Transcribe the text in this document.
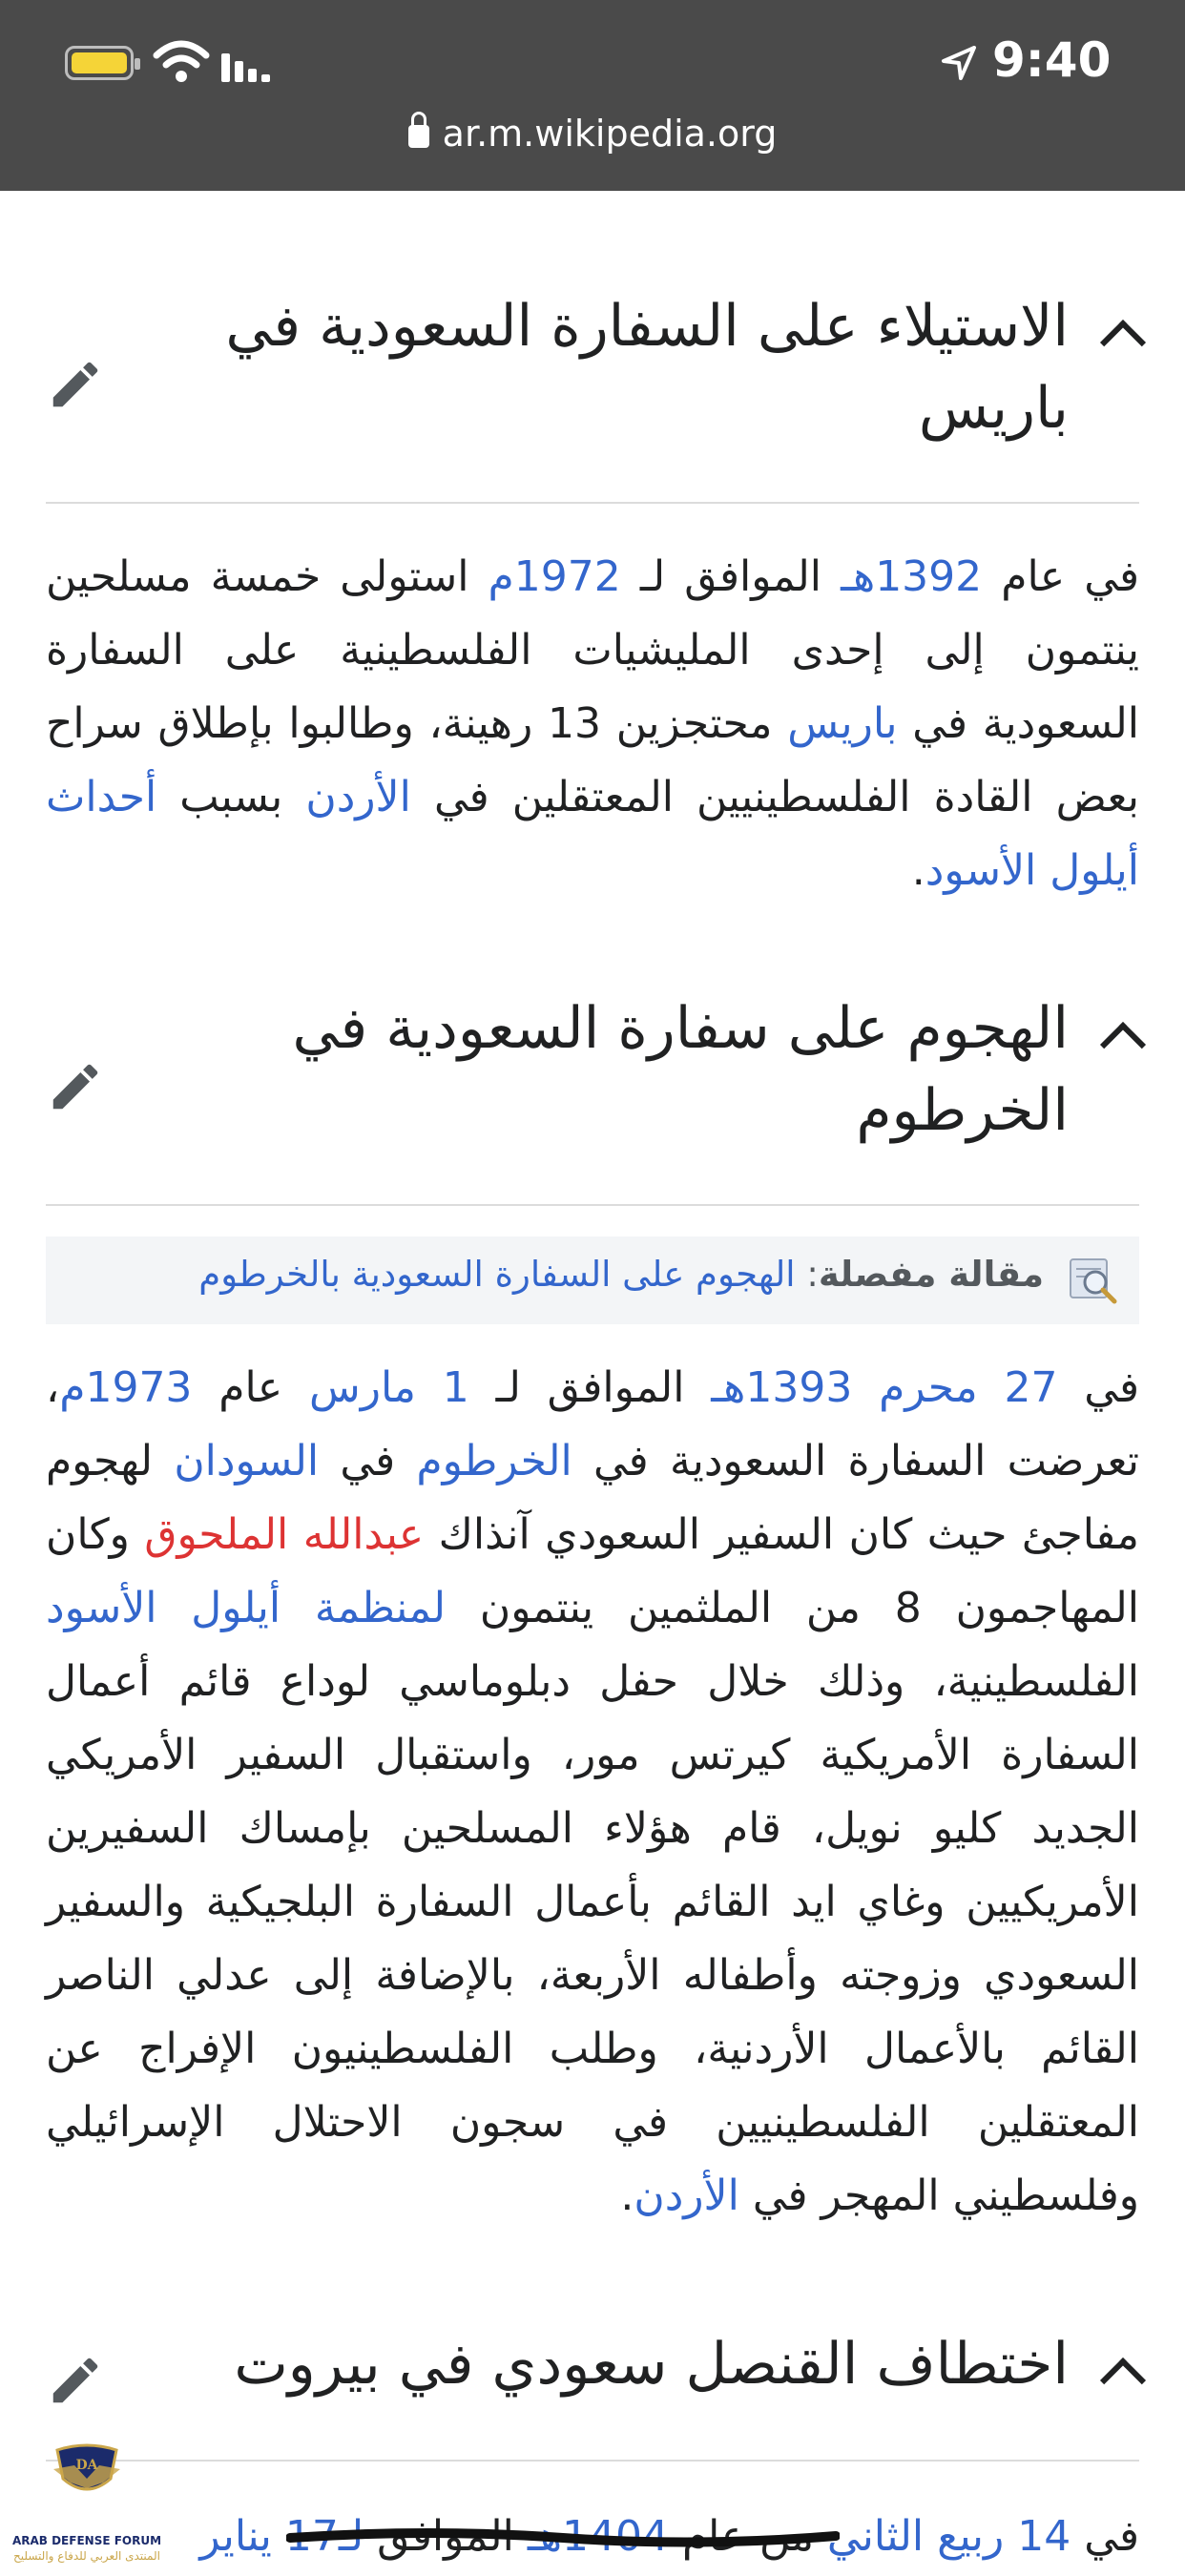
9:40
ar.m.wikipedia.org
الاستيلاء على السفارة السعودية في
باريس
في عام 1392هـ الموافق لـ 1972م استولى خمسة مسلحين ينتمون إلى إحدى المليشيات الفلسطينية على السفارة السعودية في باريس محتجزين 13 رهينة، وطالبوا بإطلاق سراح بعض القادة الفلسطينيين المعتقلين في الأردن بسبب أحداث أيلول الأسود.
الهجوم على سفارة السعودية في
الخرطوم
مقالة مفصلة: الهجوم على السفارة السعودية بالخرطوم
في 27 محرم 1393هـ الموافق لـ 1 مارس عام 1973م، تعرضت السفارة السعودية في الخرطوم في السودان لهجوم مفاجئ حيث كان السفير السعودي آنذاك عبدالله الملحوق وكان المهاجمون 8 من الملثمين ينتمون لمنظمة أيلول الأسود الفلسطينية، وذلك خلال حفل دبلوماسي لوداع قائم أعمال السفارة الأمريكية كيرتس مور، واستقبال السفير الأمريكي الجديد كليو نويل، قام هؤلاء المسلحين بإمساك السفيرين الأمريكيين وغاي ايد القائم بأعمال السفارة البلجيكية والسفير السعودي وزوجته وأطفاله الأربعة، بالإضافة إلى عدلي الناصر القائم بالأعمال الأردنية، وطلب الفلسطينيون الإفراج عن المعتقلين الفلسطينيين في سجون الاحتلال الإسرائيلي وفلسطيني المهجر في الأردن.
اختطاف القنصل سعودي في بيروت
في 14 ربيع الثاني من عام 1404هـ الموافق لـ17 يناير
DA
ARAB DEFENSE FORUM
المنتدى العربي للدفاع والتسليح
